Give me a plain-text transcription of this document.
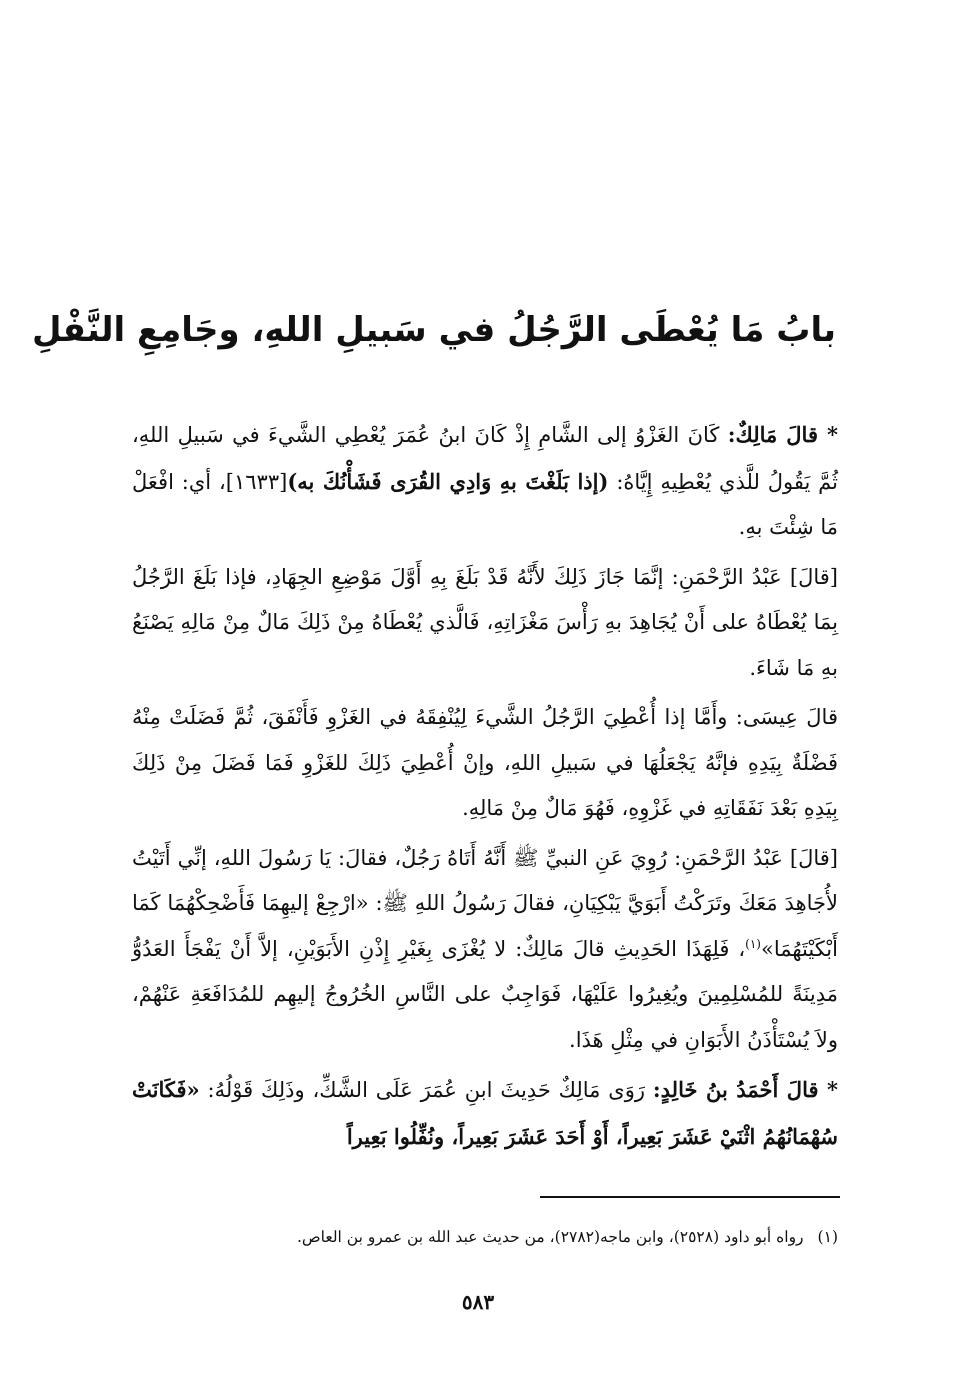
بابُ مَا يُعْطَى الرَّجُلُ في سَبيلِ اللهِ، وجَامِعِ النَّفْلِ

* قالَ مَالِكٌ: كَانَ الغَزْوُ إلى الشَّامِ إِذْ كَانَ ابنُ عُمَرَ يُعْطِي الشَّيءَ في سَبيلِ اللهِ، ثُمَّ يَقُولُ للَّذي يُعْطِيهِ إِيَّاهُ: (إذا بَلَغْتَ بهِ وَادِي القُرَى فَشَأْنُكَ به)[١٦٣٣]، أي: افْعَلْ مَا شِئْتَ بهِ.

[قالَ] عَبْدُ الرَّحْمَنِ: إنَّمَا جَازَ ذَلِكَ لأَنَّهُ قَدْ بَلَغَ بِهِ أَوَّلَ مَوْضِعِ الجِهَادِ، فإذا بَلَغَ الرَّجُلُ بِمَا يُعْطَاهُ على أَنْ يُجَاهِدَ بهِ رَأْسَ مَغْزَاتِهِ، فَالَّذي يُعْطَاهُ مِنْ ذَلِكَ مَالٌ مِنْ مَالِهِ يَصْنَعُ بهِ مَا شَاءَ.

قالَ عِيسَى: وأَمَّا إذا أُعْطِيَ الرَّجُلُ الشَّيءَ لِيُنْفِقَهُ في الغَزْوِ فَأَنْفَقَ، ثُمَّ فَضَلَتْ مِنْهُ فَضْلَةٌ بِيَدِهِ فإنَّهُ يَجْعَلُهَا في سَبيلِ اللهِ، وإنْ أُعْطِيَ ذَلِكَ للغَزْوِ فَمَا فَضَلَ مِنْ ذَلِكَ بِيَدِهِ بَعْدَ نَفَقَاتِهِ في غَزْوِهِ، فَهُوَ مَالٌ مِنْ مَالِهِ.

[قالَ] عَبْدُ الرَّحْمَنِ: رُوِيَ عَنِ النبيِّ ﷺ أَنَّهُ أَتَاهُ رَجُلٌ، فقالَ: يَا رَسُولَ اللهِ، إنِّي أَتَيْتُ لأُجَاهِدَ مَعَكَ وتَرَكْتُ أَبَوَيَّ يَبْكِيَانِ، فقالَ رَسُولُ اللهِ ﷺ: «ارْجِعْ إليهِمَا فَأَضْحِكْهُمَا كَمَا أَبْكَيْتَهُمَا»$^{(١)}$، فَلِهَذَا الحَدِيثِ قالَ مَالِكٌ: لا يُغْزَى بِغَيْرِ إِذْنِ الأَبَوَيْنِ، إلاَّ أَنْ يَفْجَأَ العَدُوُّ مَدِينَةً للمُسْلِمِينَ ويُغِيرُوا عَلَيْهَا، فَوَاجِبٌ على النَّاسِ الخُرُوجُ إليهِم للمُدَافَعَةِ عَنْهُمْ، ولاَ يُسْتَأْذَنُ الأَبَوَانِ في مِثْلِ هَذَا.

* قالَ أَحْمَدُ بنُ خَالِدٍ: رَوَى مَالِكٌ حَدِيثَ ابنِ عُمَرَ عَلَى الشَّكِّ، وذَلِكَ قَوْلُهُ: «فَكَانَتْ سُهْمَانُهُمُ اثْنَيْ عَشَرَ بَعِيراً، أَوْ أَحَدَ عَشَرَ بَعِيراً، ونُفِّلُوا بَعِيراً

(١)رواه أبو داود (٢٥٢٨)، وابن ماجه(٢٧٨٢)، من حديث عبد الله بن عمرو بن العاص.
٥٨٣
